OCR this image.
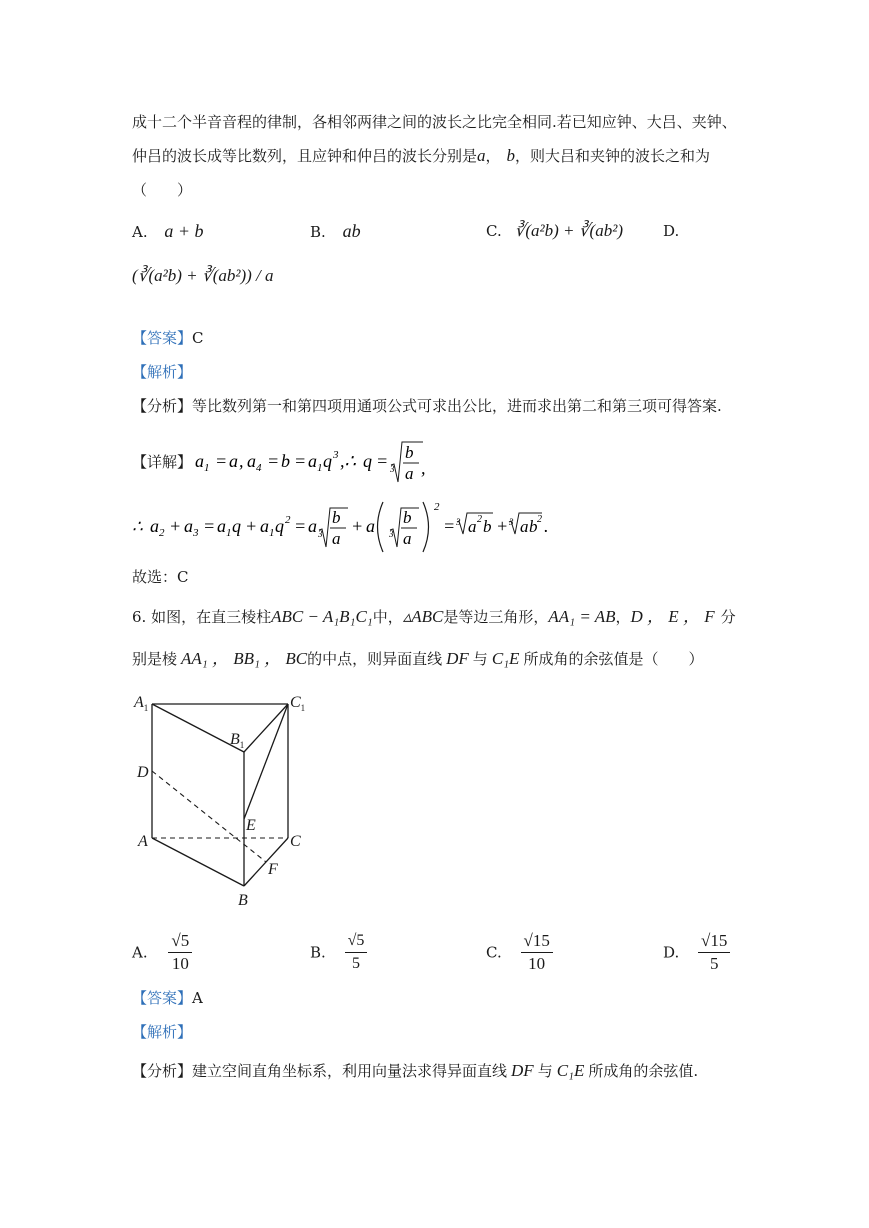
成十二个半音音程的律制，各相邻两律之间的波长之比完全相同.若已知应钟、大吕、夹钟、
仲吕的波长成等比数列，且应钟和仲吕的波长分别是a， b，则大吕和夹钟的波长之和为
（　　）
A. a + b	B. ab	C. ∛(a²b) + ∛(ab²)	D.
(∛(a²b) + ∛(ab²)) / a
【答案】C
【解析】
【分析】等比数列第一和第四项用通项公式可求出公比，进而求出第二和第三项可得答案.
【详解】 a 1 = a , a 4 = b = a 1 q 3 ,∴ q = 3
b
a ,
∴ a 2 + a 3 = a 1 q + a 1 q 2 = a 3
b
a
+ a 3
b
a
2
= 3 a 2 b + 3 a b 2 .
故选：C
6. 如图，在直三棱柱ABC − A₁B₁C₁中，▵ABC是等边三角形，AA₁ = AB，D ， E ， F 分
别是棱 AA₁ ， BB₁ ， BC的中点，则异面直线 DF 与 C₁E 所成角的余弦值是（　　）
$A_1$
$B_1$
$C_1$
D
E
A	C
F
B
A. $\frac{√5}{10}$	B. $\frac{√5}{5}$	C. $\frac{√15}{10}$	D. $\frac{√15}{5}$
【答案】A
【解析】
【分析】建立空间直角坐标系，利用向量法求得异面直线 DF 与 C₁E 所成角的余弦值.
